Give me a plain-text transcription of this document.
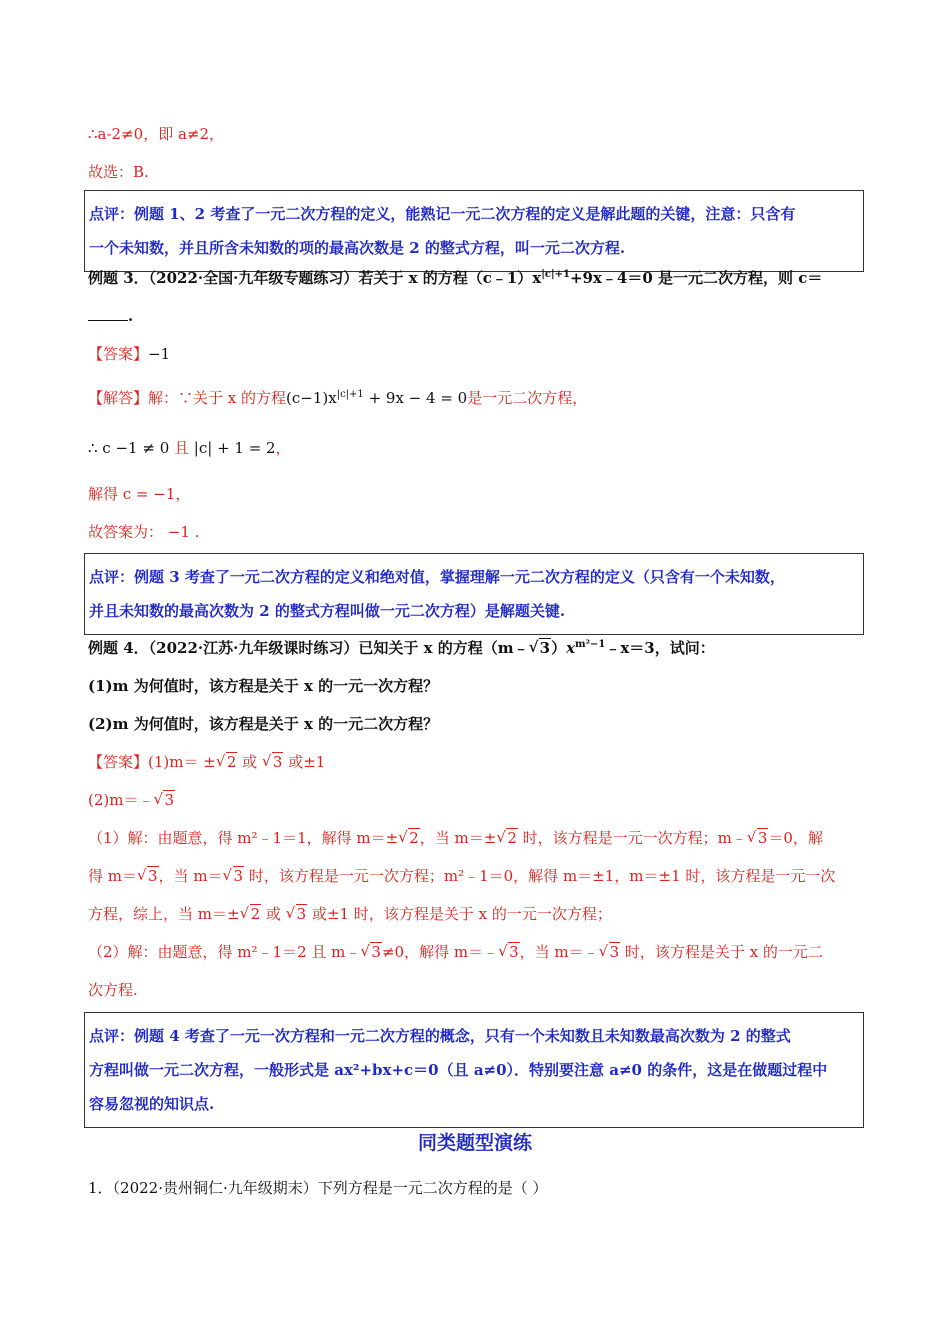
∴a-2≠0，即 a≠2，
故选：B.

点评：例题 1、2 考查了一元二次方程的定义，能熟记一元二次方程的定义是解此题的关键，注意：只含有

一个未知数，并且所含未知数的项的最高次数是 2 的整式方程，叫一元二次方程.

例题 3．（2022·全国·九年级专题练习）若关于 x 的方程$(c﹣1)x^{|c|+1}+9x﹣4=0$ 是一元二次方程，则 c＝
.
【答案】−1
【解答】解：∵关于 x 的方程$(c-1)x^{|c|+1} + 9x - 4 = 0$是一元二次方程，
∴ c −1 ≠ 0 且 |c| + 1 = 2，
解得 c = −1，
故答案为： −1 .

点评：例题 3 考查了一元二次方程的定义和绝对值，掌握理解一元二次方程的定义（只含有一个未知数，

并且未知数的最高次数为 2 的整式方程叫做一元二次方程）是解题关键.

例题 4．（2022·江苏·九年级课时练习）已知关于 x 的方程（m﹣ √ $3)x^{m^2-1}﹣x=3$，试问：
(1)m 为何值时，该方程是关于 x 的一元一次方程？
(2)m 为何值时，该方程是关于 x 的一元二次方程？
【答案】(1)m＝ ± √ 2 或 √ 3 或±1
(2)m＝﹣ √ 3
（1）解：由题意，得 m²﹣1＝1，解得 m＝± √ 2，当 m＝± √ 2 时，该方程是一元一次方程；m﹣ √ 3＝0，解
得 m＝ √ 3，当 m＝ √ 3 时，该方程是一元一次方程；m²﹣1＝0，解得 m＝±1，m＝±1 时，该方程是一元一次
方程，综上，当 m＝± √ 2 或 √ 3 或±1 时，该方程是关于 x 的一元一次方程；
（2）解：由题意，得 m²﹣1＝2 且 m﹣ √ 3≠0，解得 m＝﹣ √ 3，当 m＝﹣ √ 3 时，该方程是关于 x 的一元二
次方程.

点评：例题 4 考查了一元一次方程和一元二次方程的概念，只有一个未知数且未知数最高次数为 2 的整式

方程叫做一元二次方程，一般形式是 ax²+bx+c＝0（且 a≠0）．特别要注意 a≠0 的条件，这是在做题过程中

容易忽视的知识点.

同类题型演练
1．（2022·贵州铜仁·九年级期末）下列方程是一元二次方程的是（ ）
